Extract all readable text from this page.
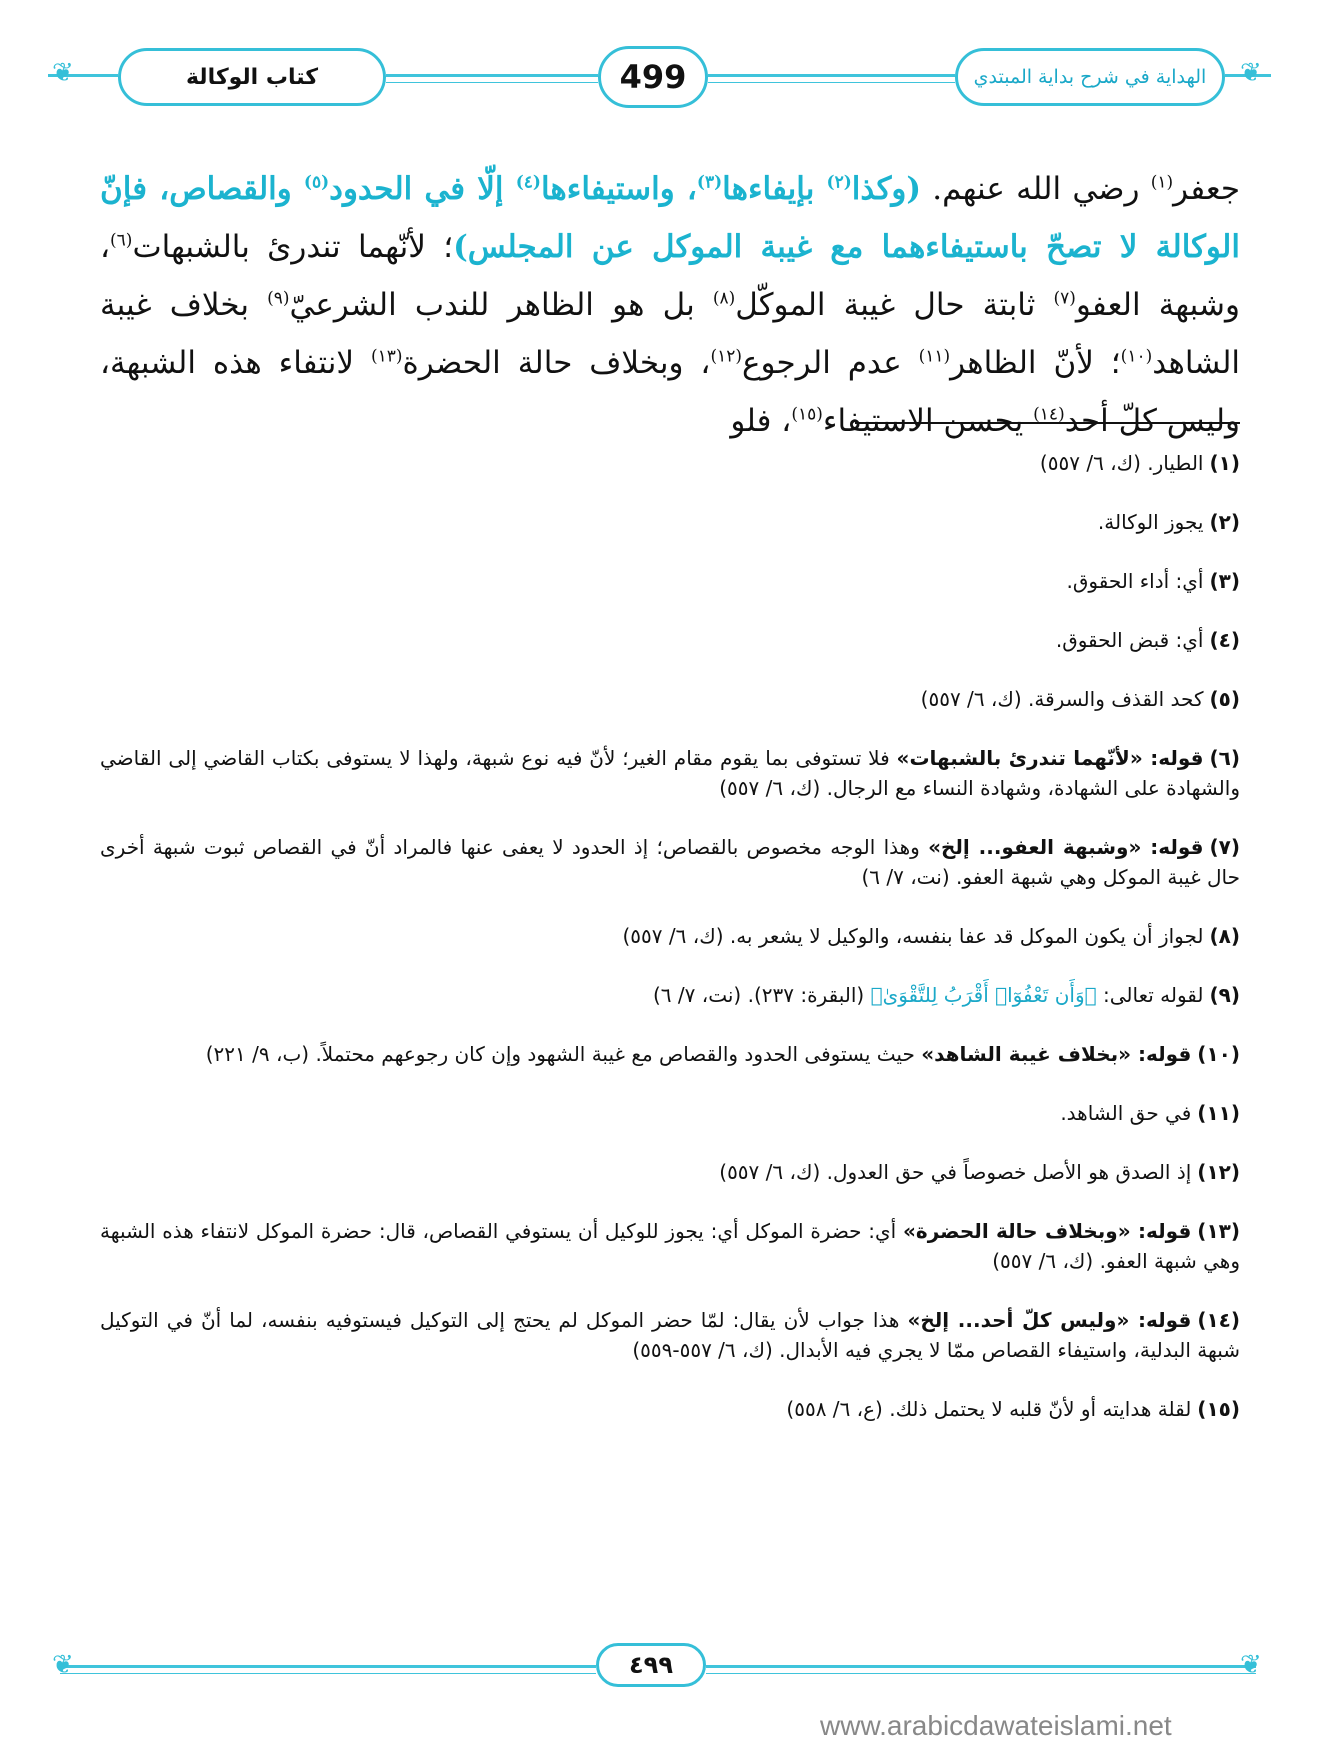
❦	❦
كتاب الوكالة	499	الهداية في شرح بداية المبتدي

جعفر$^{(١)}$ رضي الله عنهم. (وكذا$^{(٢)}$ بإيفاءها$^{(٣)}$، واستيفاءها$^{(٤)}$ إلّا في الحدود$^{(٥)}$ والقصاص، فإنّ الوكالة لا تصحّ باستيفاءهما مع غيبة الموكل عن المجلس)؛ لأنّهما تندرئ بالشبهات$^{(٦)}$، وشبهة العفو$^{(٧)}$ ثابتة حال غيبة الموكّل$^{(٨)}$ بل هو الظاهر للندب الشرعيّ$^{(٩)}$ بخلاف غيبة الشاهد$^{(١٠)}$؛ لأنّ الظاهر$^{(١١)}$ عدم الرجوع$^{(١٢)}$، وبخلاف حالة الحضرة$^{(١٣)}$ لانتفاء هذه الشبهة، وليس كلّ أحد$^{(١٤)}$ يحسن الاستيفاء$^{(١٥)}$، فلو

(١)الطيار. (ك، ٦/ ٥٥٧)
(٢)يجوز الوكالة.
(٣)أي: أداء الحقوق.
(٤)أي: قبض الحقوق.
(٥)كحد القذف والسرقة. (ك، ٦/ ٥٥٧)
(٦)قوله: «لأنّهما تندرئ بالشبهات» فلا تستوفى بما يقوم مقام الغير؛ لأنّ فيه نوع شبهة، ولهذا لا يستوفى بكتاب القاضي إلى القاضي والشهادة على الشهادة، وشهادة النساء مع الرجال. (ك، ٦/ ٥٥٧)
(٧)قوله: «وشبهة العفو... إلخ» وهذا الوجه مخصوص بالقصاص؛ إذ الحدود لا يعفى عنها فالمراد أنّ في القصاص ثبوت شبهة أخرى حال غيبة الموكل وهي شبهة العفو. (نت، ٧/ ٦)
(٨)لجواز أن يكون الموكل قد عفا بنفسه، والوكيل لا يشعر به. (ك، ٦/ ٥٥٧)
(٩)لقوله تعالى: ﴿وَأَن تَعْفُوٓا۟ أَقْرَبُ لِلتَّقْوَىٰ﴾ (البقرة: ٢٣٧). (نت، ٧/ ٦)
(١٠)قوله: «بخلاف غيبة الشاهد» حيث يستوفى الحدود والقصاص مع غيبة الشهود وإن كان رجوعهم محتملاً. (ب، ٩/ ٢٢١)
(١١)في حق الشاهد.
(١٢)إذ الصدق هو الأصل خصوصاً في حق العدول. (ك، ٦/ ٥٥٧)
(١٣)قوله: «وبخلاف حالة الحضرة» أي: حضرة الموكل أي: يجوز للوكيل أن يستوفي القصاص، قال: حضرة الموكل لانتفاء هذه الشبهة وهي شبهة العفو. (ك، ٦/ ٥٥٧)
(١٤)قوله: «وليس كلّ أحد... إلخ» هذا جواب لأن يقال: لمّا حضر الموكل لم يحتج إلى التوكيل فيستوفيه بنفسه، لما أنّ في التوكيل شبهة البدلية، واستيفاء القصاص ممّا لا يجري فيه الأبدال. (ك، ٦/ ٥٥٧-٥٥٩)
(١٥)لقلة هدايته أو لأنّ قلبه لا يحتمل ذلك. (ع، ٦/ ٥٥٨)
❦	❦
٤٩٩
www.arabicdawateislami.net
